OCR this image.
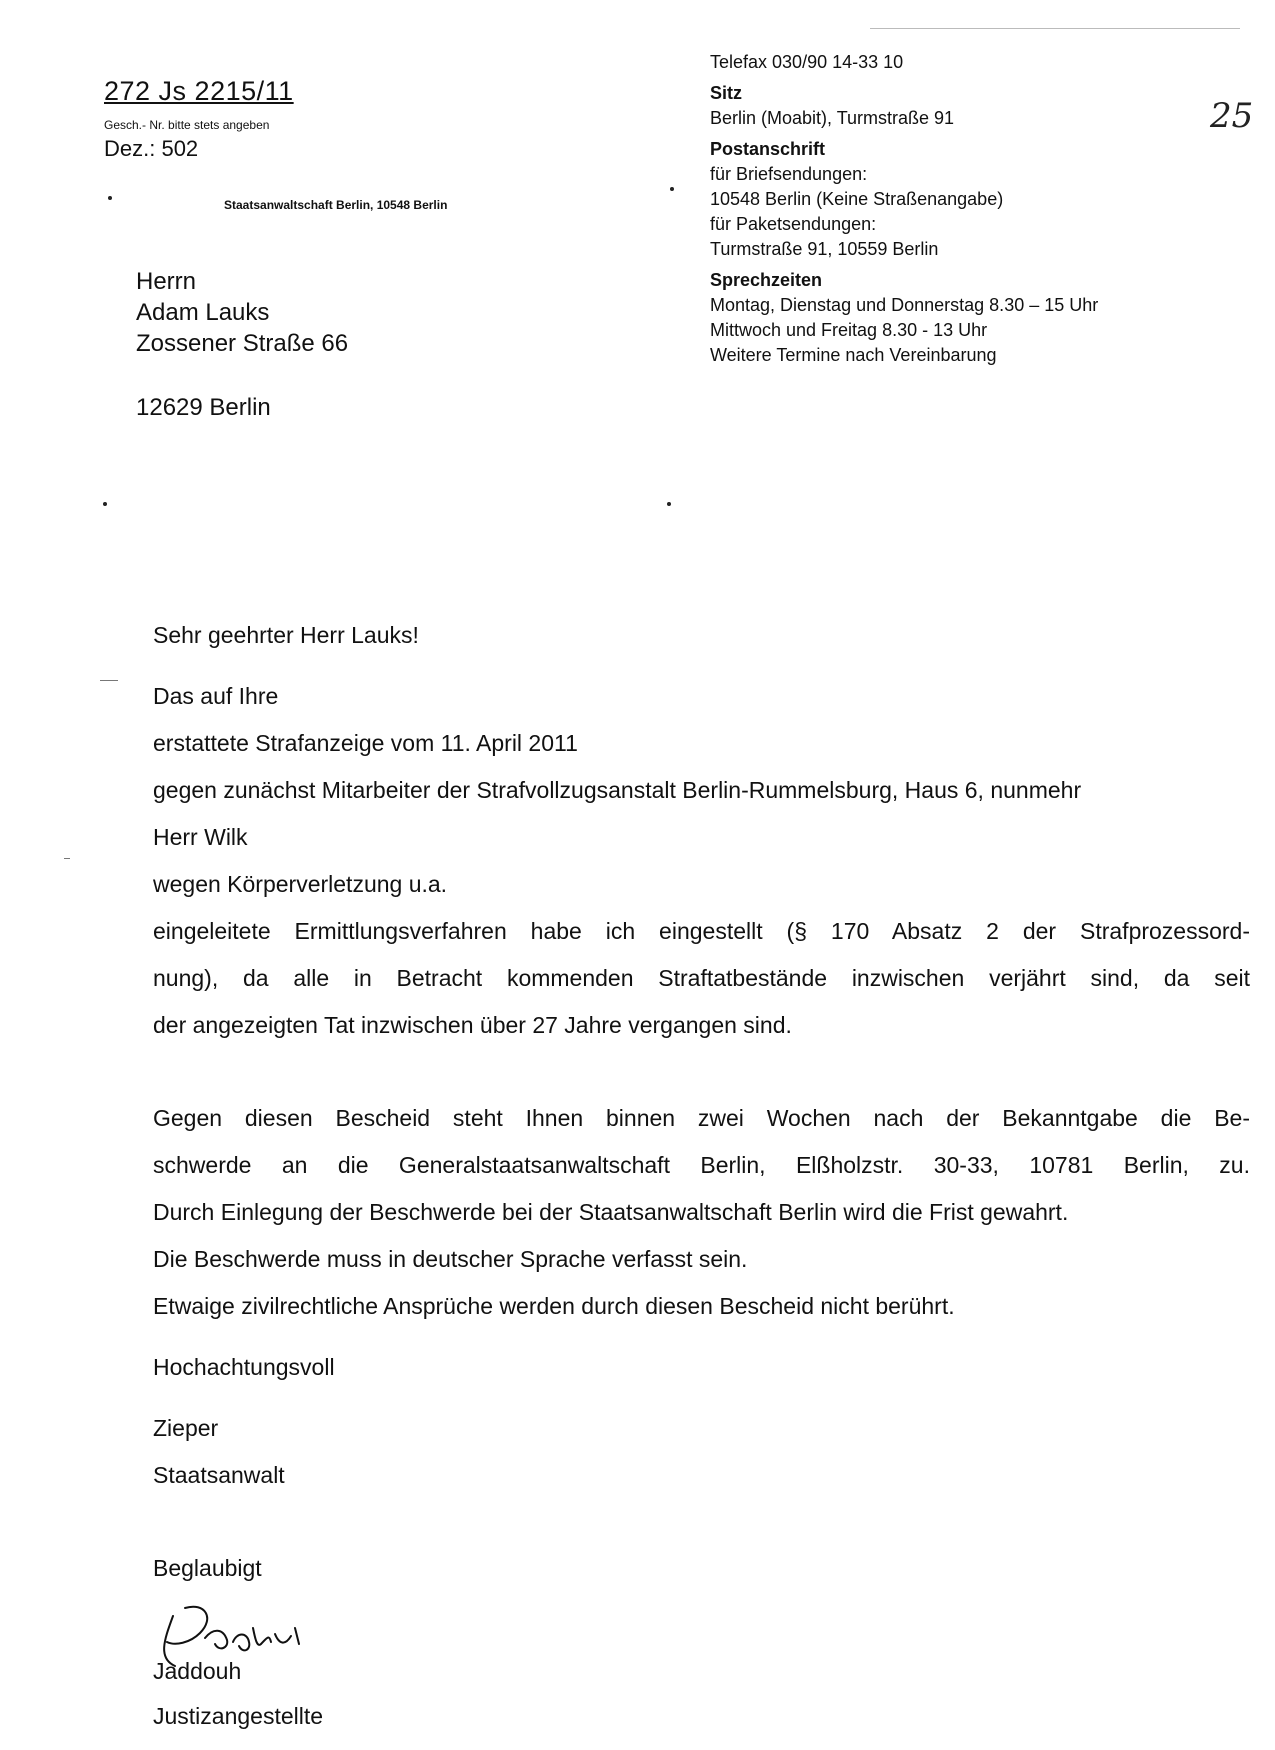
272 Js 2215/11
Gesch.- Nr. bitte stets angeben
Dez.: 502
Staatsanwaltschaft Berlin, 10548 Berlin
Herrn
Adam Lauks
Zossener Straße 66
12629 Berlin
Telefax 030/90 14-33 10
Sitz
Berlin (Moabit), Turmstraße 91
Postanschrift
für Briefsendungen:
10548 Berlin (Keine Straßenangabe)
für Paketsendungen:
Turmstraße 91, 10559 Berlin
Sprechzeiten
Montag, Dienstag und Donnerstag 8.30 – 15 Uhr
Mittwoch und Freitag 8.30 - 13 Uhr
Weitere Termine nach Vereinbarung
25

Sehr geehrter Herr Lauks!

Das auf Ihre

erstattete Strafanzeige vom 11. April 2011

gegen zunächst Mitarbeiter der Strafvollzugsanstalt Berlin-Rummelsburg, Haus 6, nunmehr

Herr Wilk

wegen Körperverletzung u.a.

eingeleitete Ermittlungsverfahren habe ich eingestellt (§ 170 Absatz 2 der Strafprozessord-

nung), da alle in Betracht kommenden Straftatbestände inzwischen verjährt sind, da seit

der angezeigten Tat inzwischen über 27 Jahre vergangen sind.

Gegen diesen Bescheid steht Ihnen binnen zwei Wochen nach der Bekanntgabe die Be-

schwerde an die Generalstaatsanwaltschaft Berlin, Elßholzstr. 30-33, 10781 Berlin, zu.

Durch Einlegung der Beschwerde bei der Staatsanwaltschaft Berlin wird die Frist gewahrt.

Die Beschwerde muss in deutscher Sprache verfasst sein.

Etwaige zivilrechtliche Ansprüche werden durch diesen Bescheid nicht berührt.

Hochachtungsvoll

Zieper

Staatsanwalt

Beglaubigt

Jaddouh
Justizangestellte
